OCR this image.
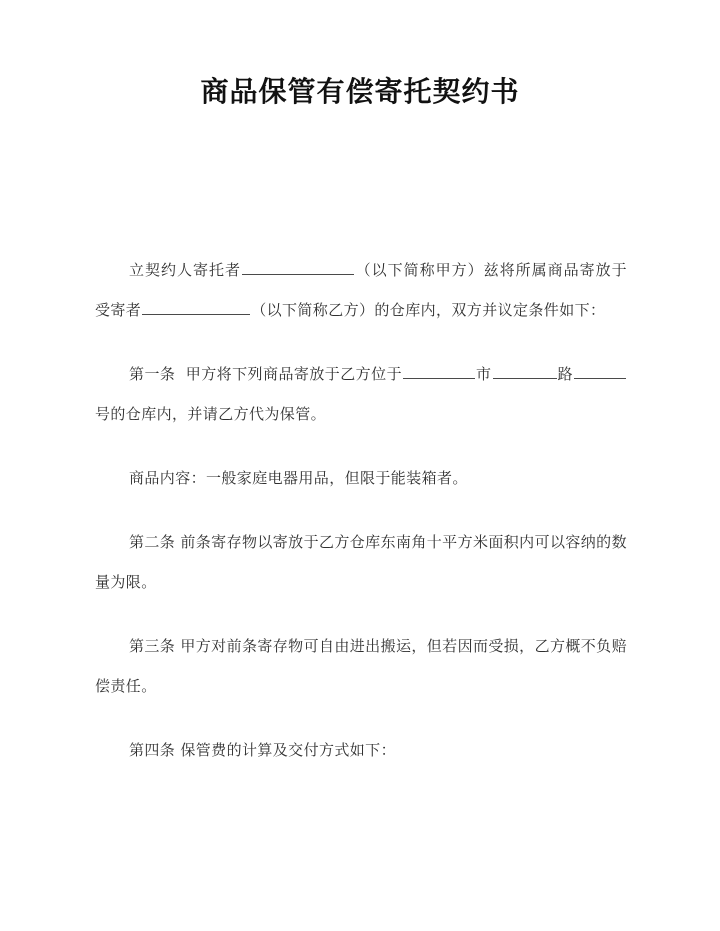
商品保管有偿寄托契约书

立契约人寄托者	（以下简称甲方）兹将所属商品寄放于受寄者	（以下简称乙方）的仓库内，双方并议定条件如下：

第一条 甲方将下列商品寄放于乙方位于	市	路号的仓库内，并请乙方代为保管。

商品内容：一般家庭电器用品，但限于能装箱者。

第二条 前条寄存物以寄放于乙方仓库东南角十平方米面积内可以容纳的数量为限。

第三条 甲方对前条寄存物可自由进出搬运，但若因而受损，乙方概不负赔偿责任。

第四条 保管费的计算及交付方式如下：
